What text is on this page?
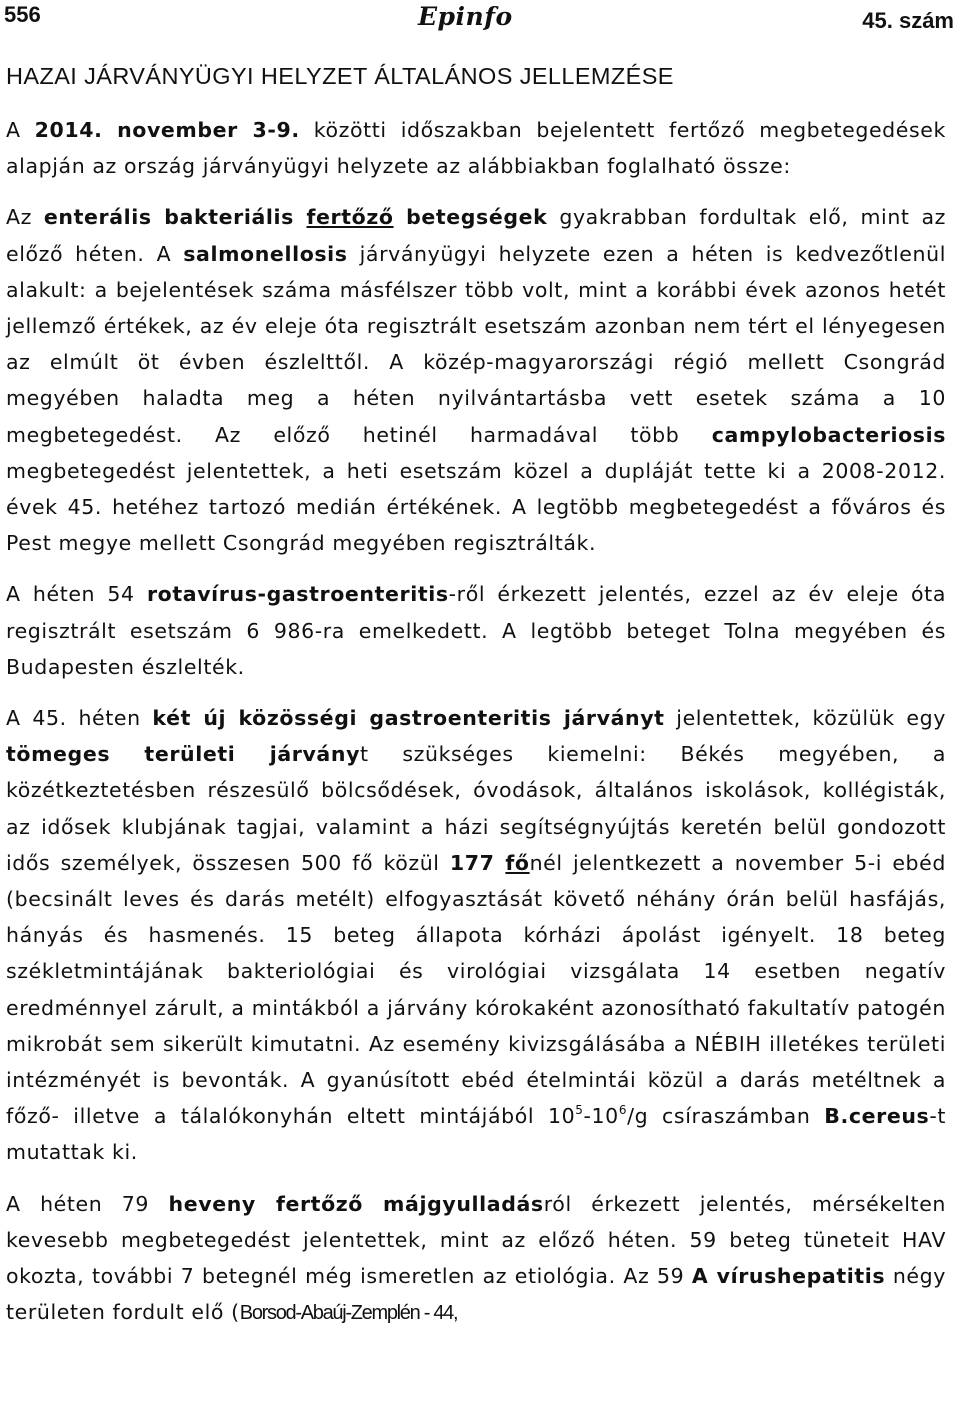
556	Epinfo	45. szám
HAZAI JÁRVÁNYÜGYI HELYZET ÁLTALÁNOS JELLEMZÉSE

A 2014. november 3-9. közötti időszakban bejelentett fertőző megbetegedések alapján az ország járványügyi helyzete az alábbiakban foglalható össze:

Az enterális bakteriális fertőző betegségek gyakrabban fordultak elő, mint az előző héten. A salmonellosis járványügyi helyzete ezen a héten is kedvezőtlenül alakult: a bejelentések száma másfélszer több volt, mint a korábbi évek azonos hetét jellemző értékek, az év eleje óta regisztrált esetszám azonban nem tért el lényegesen az elmúlt öt évben észlelttől. A közép-magyarországi régió mellett Csongrád megyében haladta meg a héten nyilvántartásba vett esetek száma a 10 megbetegedést. Az előző hetinél harmadával több campylobacteriosis megbetegedést jelentettek, a heti esetszám közel a dupláját tette ki a 2008-2012. évek 45. hetéhez tartozó medián értékének. A legtöbb megbetegedést a főváros és Pest megye mellett Csongrád megyében regisztrálták.

A héten 54 rotavírus-gastroenteritis-ről érkezett jelentés, ezzel az év eleje óta regisztrált esetszám 6 986-ra emelkedett. A legtöbb beteget Tolna megyében és Budapesten észlelték.

A 45. héten két új közösségi gastroenteritis járványt jelentettek, közülük egy tömeges területi járványt szükséges kiemelni: Békés megyében, a közétkeztetésben részesülő bölcsődések, óvodások, általános iskolások, kollégisták, az idősek klubjának tagjai, valamint a házi segítségnyújtás keretén belül gondozott idős személyek, összesen 500 fő közül 177 főnél jelentkezett a november 5-i ebéd (becsinált leves és darás metélt) elfogyasztását követő néhány órán belül hasfájás, hányás és hasmenés. 15 beteg állapota kórházi ápolást igényelt. 18 beteg székletmintájának bakteriológiai és virológiai vizsgálata 14 esetben negatív eredménnyel zárult, a mintákból a járvány kórokaként azonosítható fakultatív patogén mikrobát sem sikerült kimutatni. Az esemény kivizsgálásába a NÉBIH illetékes területi intézményét is bevonták. A gyanúsított ebéd ételmintái közül a darás metéltnek a főző- illetve a tálalókonyhán eltett mintájából $10^5-10^6/g$ csíraszámban B.cereus-t mutattak ki.

A héten 79 heveny fertőző májgyulladásról érkezett jelentés, mérsékelten kevesebb megbetegedést jelentettek, mint az előző héten. 59 beteg tüneteit HAV okozta, további 7 betegnél még ismeretlen az etiológia. Az 59 A vírushepatitis négy területen fordult elő (Borsod-Abaúj-Zemplén - 44,
